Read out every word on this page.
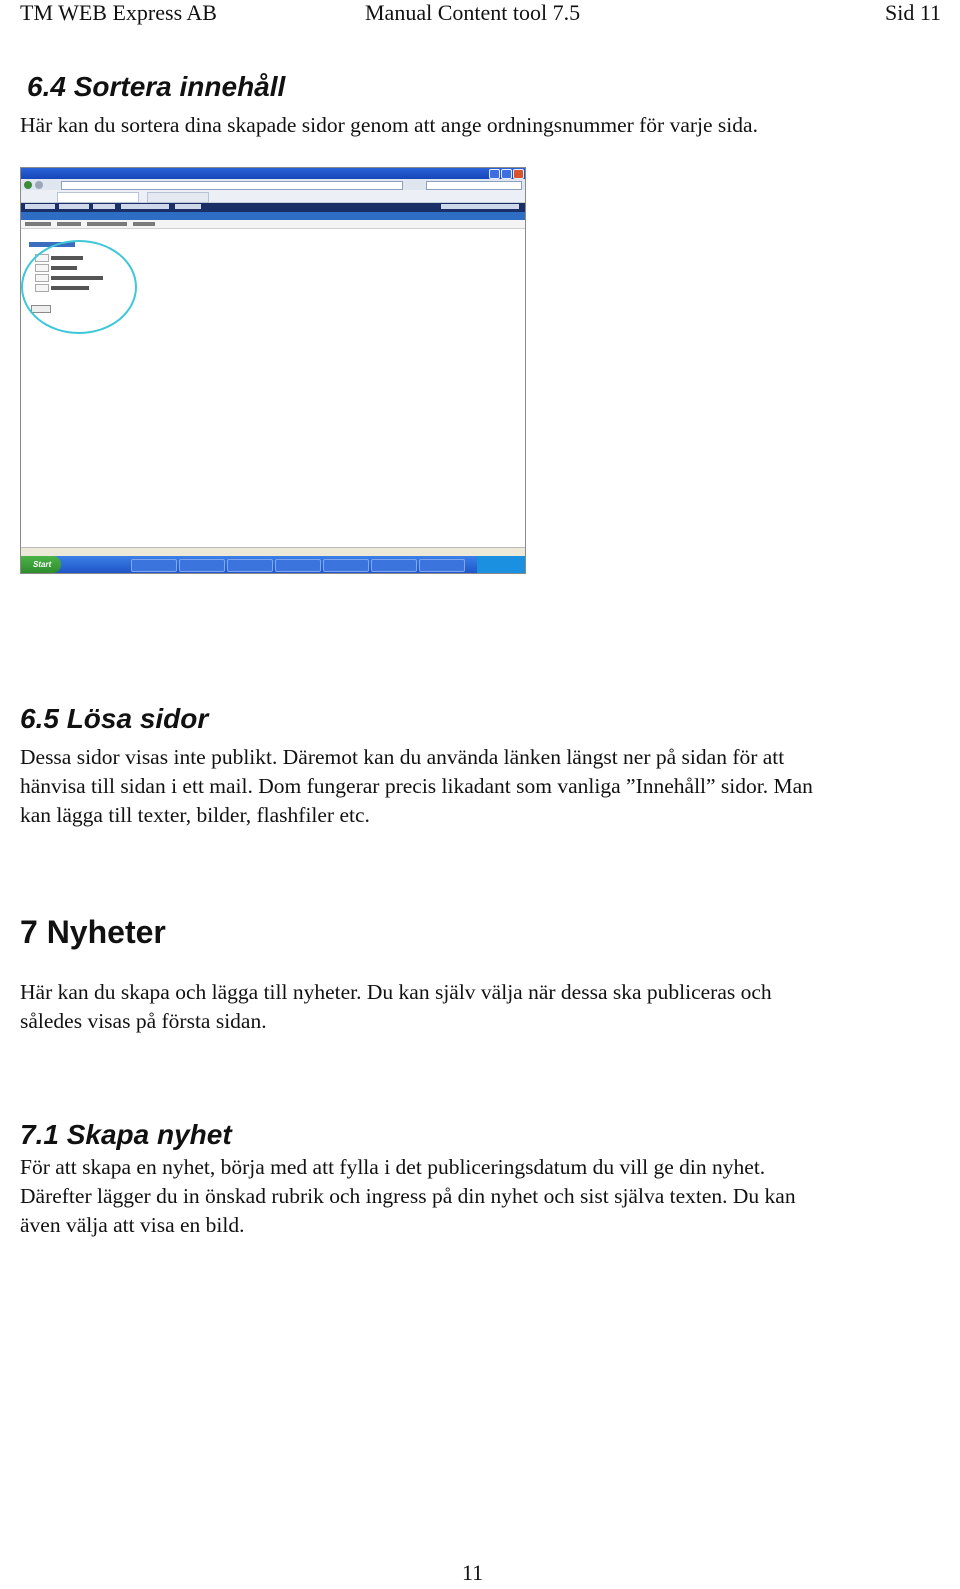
TM WEB Express AB	Manual Content tool 7.5	Sid 11
6.4 Sortera innehåll
Här kan du sortera dina skapade sidor genom att ange ordningsnummer för varje sida.
Start
6.5 Lösa sidor
Dessa sidor visas inte publikt. Däremot kan du använda länken längst ner på sidan för att
hänvisa till sidan i ett mail. Dom fungerar precis likadant som vanliga ”Innehåll” sidor. Man
kan lägga till texter, bilder, flashfiler etc.
7 Nyheter
Här kan du skapa och lägga till nyheter. Du kan själv välja när dessa ska publiceras och
således visas på första sidan.
7.1 Skapa nyhet
För att skapa en nyhet, börja med att fylla i det publiceringsdatum du vill ge din nyhet.
Därefter lägger du in önskad rubrik och ingress på din nyhet och sist själva texten. Du kan
även välja att visa en bild.
11
